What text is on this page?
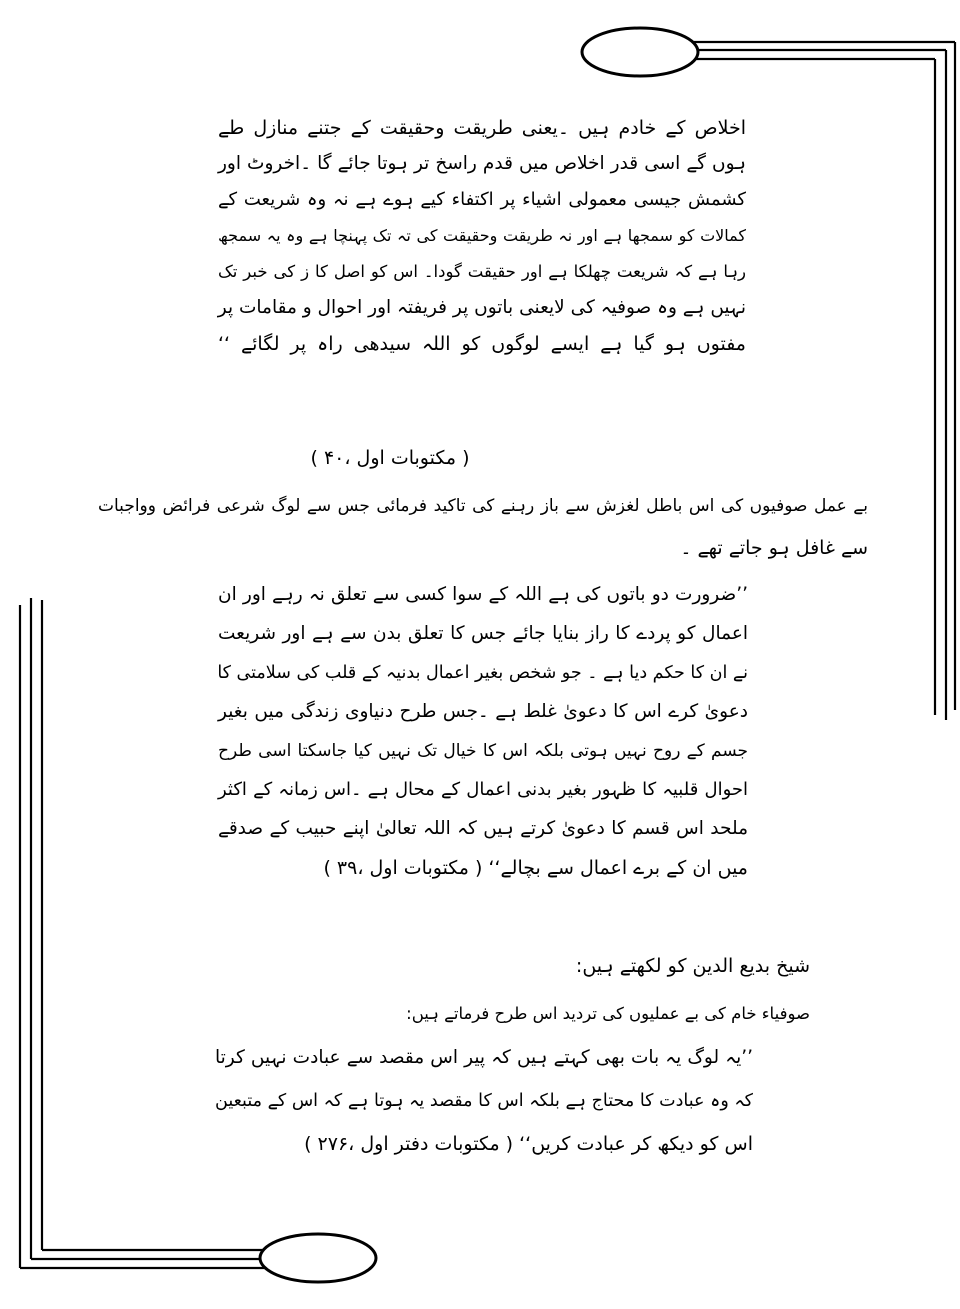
اخلاص کے خادم ہیں ۔یعنی طریقت وحقیقت کے جتنے منازل طے
ہوں گے اسی قدر اخلاص میں قدم راسخ تر ہوتا جائے گا ۔اخروٹ اور
کشمش جیسی معمولی اشیاء پر اکتفاء کیے ہوے ہے نہ وہ شریعت کے
کمالات کو سمجھا ہے اور نہ طریقت وحقیقت کی تہ تک پہنچا ہے وہ یہ سمجھ
رہا ہے کہ شریعت چھلکا ہے اور حقیقت گودا۔ اس کو اصل کا ز کی خبر تک
نہیں ہے وہ صوفیہ کی لایعنی باتوں پر فریفتہ اور احوال و مقامات پر
مفتوں ہو گیا ہے ایسے لوگوں کو اللہ سیدھی راہ پر لگائے ‘‘
( مکتوبات اول ،۴۰ )
بے عمل صوفیوں کی اس باطل لغزش سے باز رہنے کی تاکید فرمائی جس سے لوگ شرعی فرائض وواجبات
سے غافل ہو جاتے تھے ۔
’’ضرورت دو باتوں کی ہے اللہ کے سوا کسی سے تعلق نہ رہے اور ان
اعمال کو پردے کا راز بنایا جائے جس کا تعلق بدن سے ہے اور شریعت
نے ان کا حکم دیا ہے ۔ جو شخص بغیر اعمال بدنیہ کے قلب کی سلامتی کا
دعویٰ کرے اس کا دعویٰ غلط ہے ۔جس طرح دنیاوی زندگی میں بغیر
جسم کے روح نہیں ہوتی بلکہ اس کا خیال تک نہیں کیا جاسکتا اسی طرح
احوال قلبیہ کا ظہور بغیر بدنی اعمال کے محال ہے ۔اس زمانہ کے اکثر
ملحد اس قسم کا دعویٰ کرتے ہیں کہ اللہ تعالیٰ اپنے حبیب کے صدقے
میں ان کے برے اعمال سے بچالے‘‘ ( مکتوبات اول ،۳۹ )
شیخ بدیع الدین کو لکھتے ہیں:
صوفیاء خام کی بے عملیوں کی تردید اس طرح فرماتے ہیں:
’’یہ لوگ یہ بات بھی کہتے ہیں کہ پیر اس مقصد سے عبادت نہیں کرتا
کہ وہ عبادت کا محتاج ہے بلکہ اس کا مقصد یہ ہوتا ہے کہ اس کے متبعین
اس کو دیکھ کر عبادت کریں‘‘ ( مکتوبات دفتر اول ،۲۷۶ )
